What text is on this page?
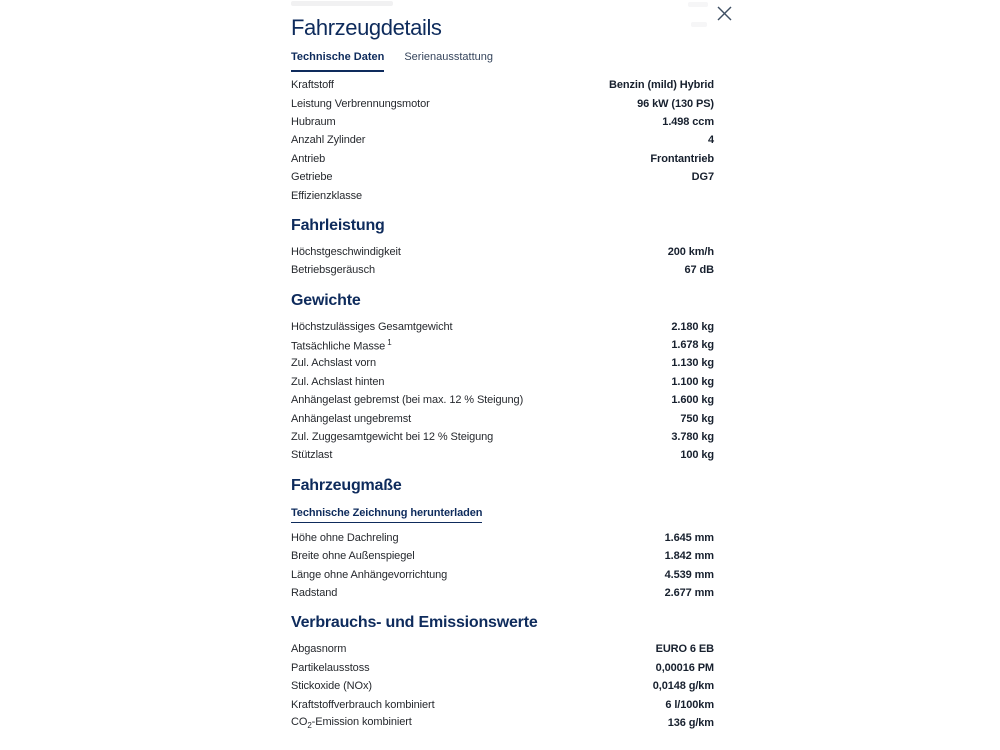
Fahrzeugdetails
Technische Daten Serienausstattung
Kraftstoff	Benzin (mild) Hybrid
Leistung Verbrennungsmotor	96 kW (130 PS)
Hubraum	1.498 ccm
Anzahl Zylinder	4
Antrieb	Frontantrieb
Getriebe	DG7
Effizienzklasse
Fahrleistung
Höchstgeschwindigkeit	200 km/h
Betriebsgeräusch	67 dB
Gewichte
Höchstzulässiges Gesamtgewicht	2.180 kg
Tatsächliche Masse $^1$	1.678 kg
Zul. Achslast vorn	1.130 kg
Zul. Achslast hinten	1.100 kg
Anhängelast gebremst (bei max. 12 % Steigung)	1.600 kg
Anhängelast ungebremst	750 kg
Zul. Zuggesamtgewicht bei 12 % Steigung	3.780 kg
Stützlast	100 kg
Fahrzeugmaße
Technische Zeichnung herunterladen
Höhe ohne Dachreling	1.645 mm
Breite ohne Außenspiegel	1.842 mm
Länge ohne Anhängevorrichtung	4.539 mm
Radstand	2.677 mm
Verbrauchs- und Emissionswerte
Abgasnorm	EURO 6 EB
Partikelausstoss	0,00016 PM
Stickoxide (NOx)	0,0148 g/km
Kraftstoffverbrauch kombiniert	6 l/100km
$CO_2$-Emission kombiniert	136 g/km
